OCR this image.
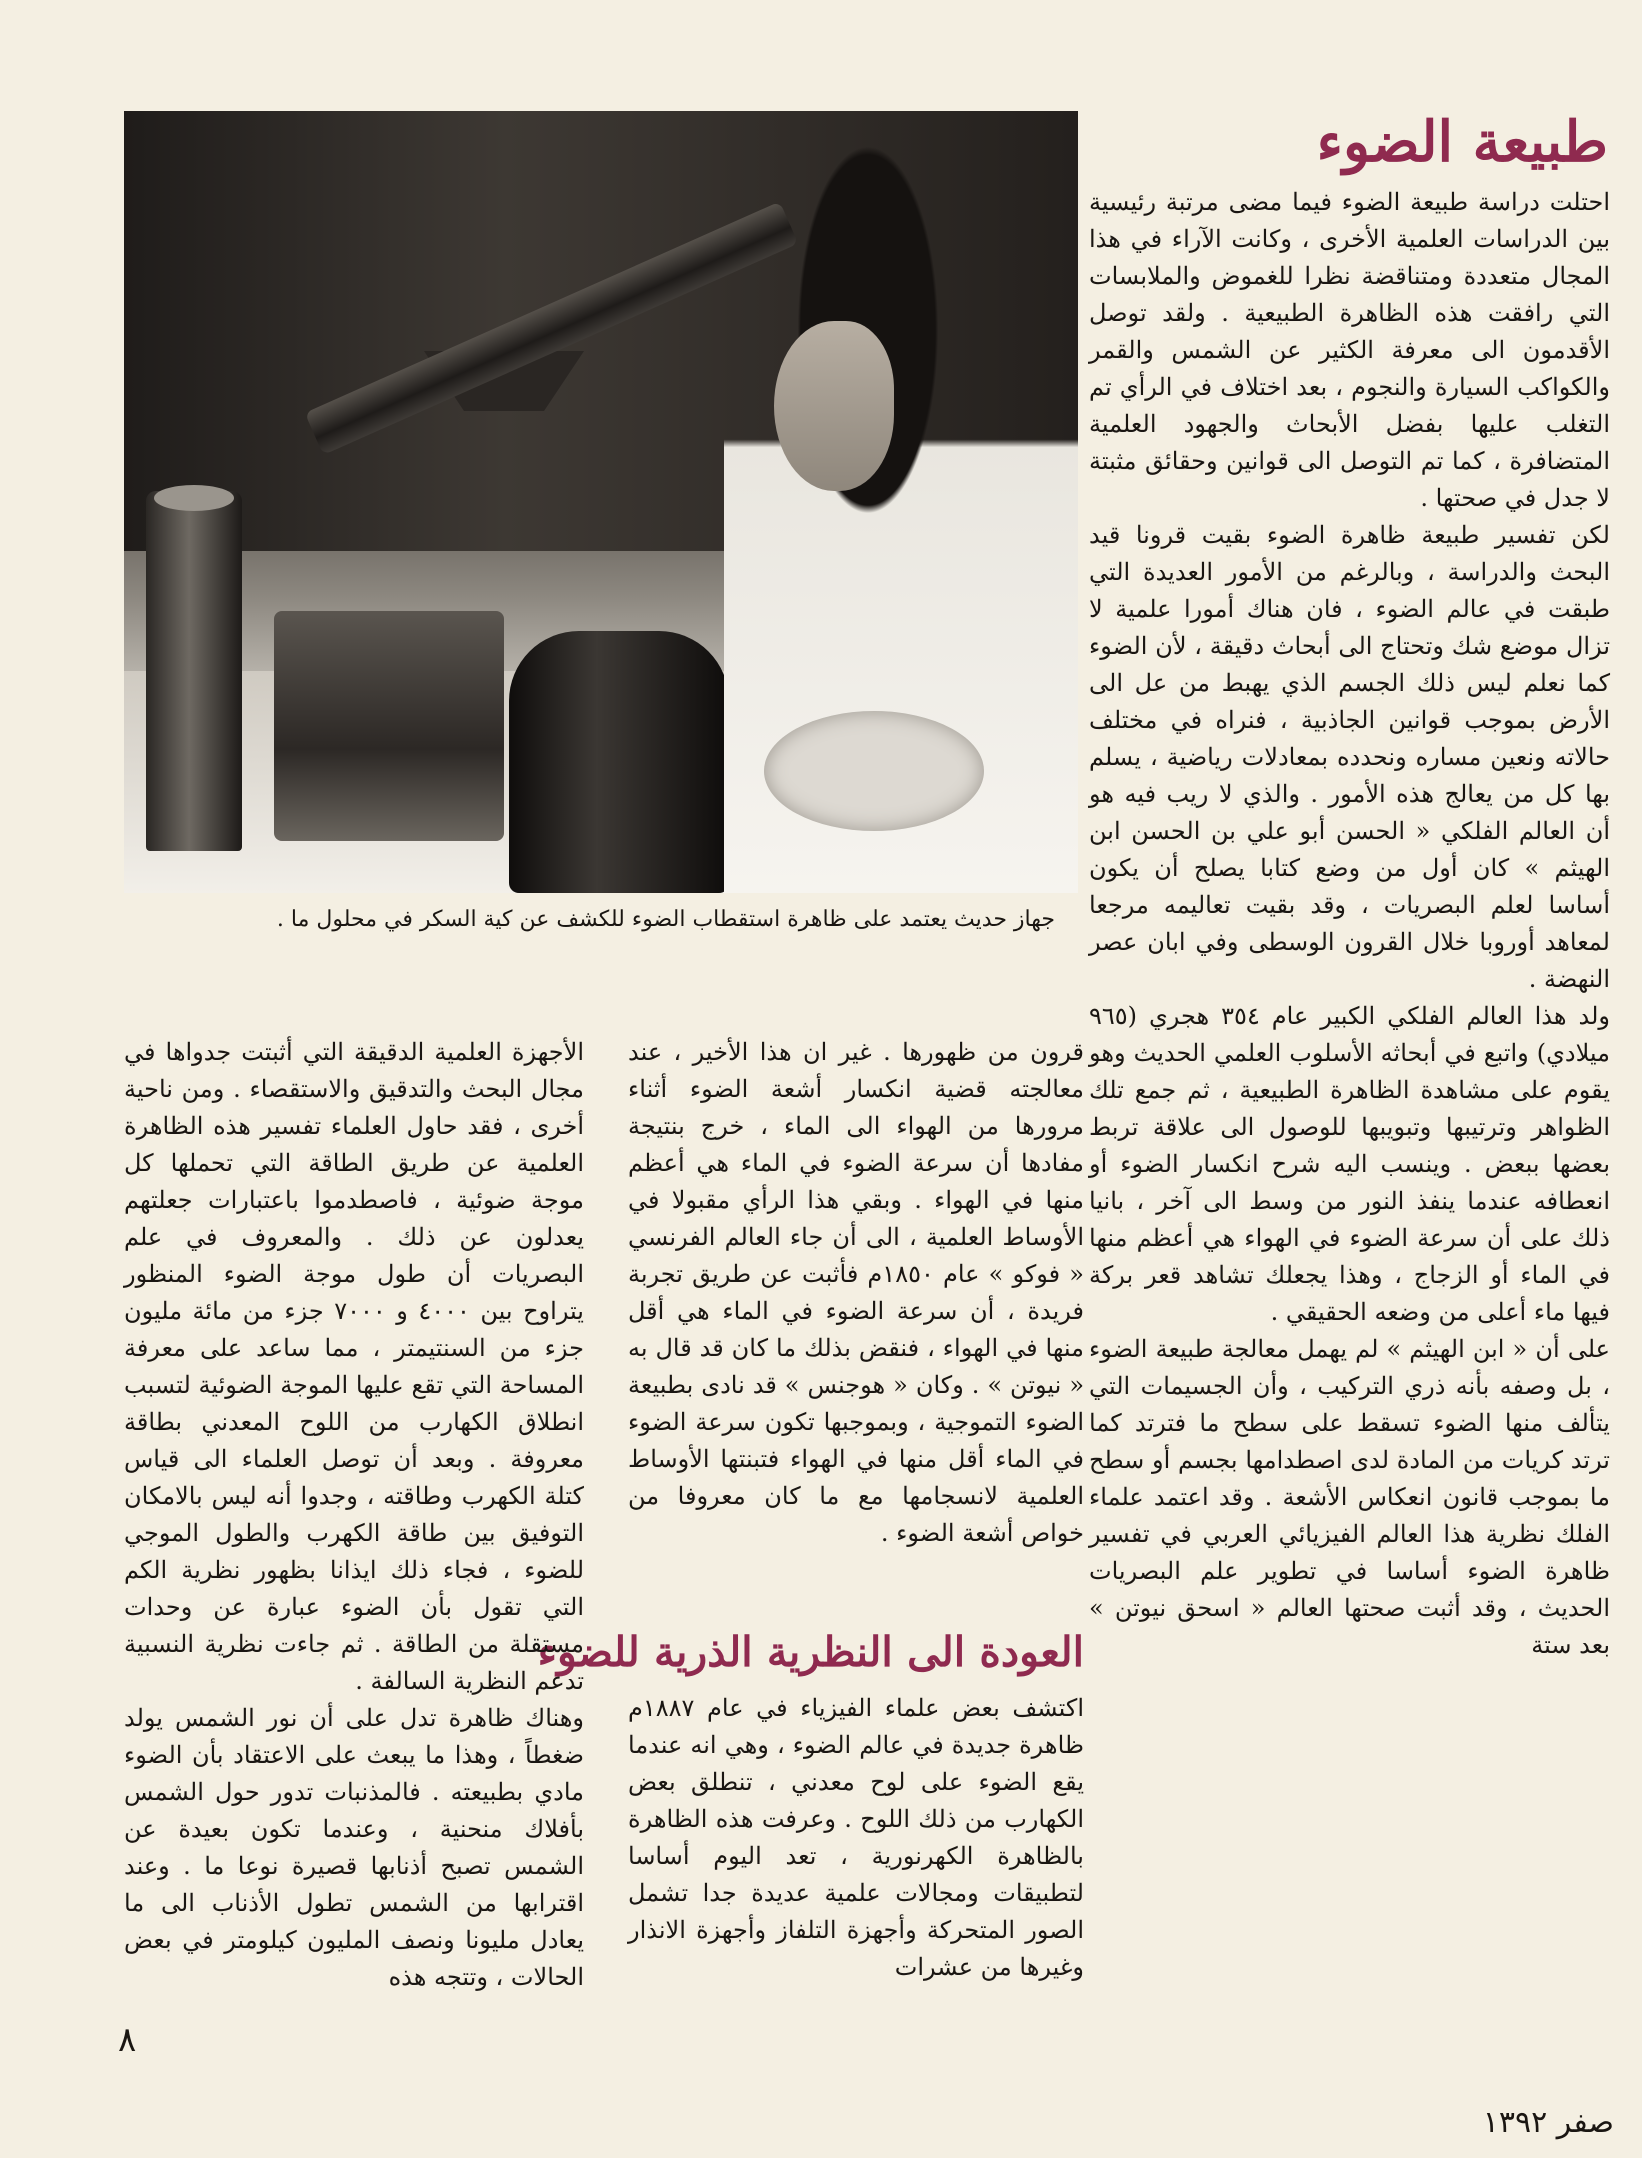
جهاز حديث يعتمد على ظاهرة استقطاب الضوء للكشف عن كية السكر في محلول ما .
طبيعة الضوء

احتلت دراسة طبيعة الضوء فيما مضى مرتبة رئيسية بين الدراسات العلمية الأخرى ، وكانت الآراء في هذا المجال متعددة ومتناقضة نظرا للغموض والملابسات التي رافقت هذه الظاهرة الطبيعية . ولقد توصل الأقدمون الى معرفة الكثير عن الشمس والقمر والكواكب السيارة والنجوم ، بعد اختلاف في الرأي تم التغلب عليها بفضل الأبحاث والجهود العلمية المتضافرة ، كما تم التوصل الى قوانين وحقائق مثبتة لا جدل في صحتها .

لكن تفسير طبيعة ظاهرة الضوء بقيت قرونا قيد البحث والدراسة ، وبالرغم من الأمور العديدة التي طبقت في عالم الضوء ، فان هناك أمورا علمية لا تزال موضع شك وتحتاج الى أبحاث دقيقة ، لأن الضوء كما نعلم ليس ذلك الجسم الذي يهبط من عل الى الأرض بموجب قوانين الجاذبية ، فنراه في مختلف حالاته ونعين مساره ونحدده بمعادلات رياضية ، يسلم بها كل من يعالج هذه الأمور . والذي لا ريب فيه هو أن العالم الفلكي « الحسن أبو علي بن الحسن ابن الهيثم » كان أول من وضع كتابا يصلح أن يكون أساسا لعلم البصريات ، وقد بقيت تعاليمه مرجعا لمعاهد أوروبا خلال القرون الوسطى وفي ابان عصر النهضة .

ولد هذا العالم الفلكي الكبير عام ٣٥٤ هجري (٩٦٥ ميلادي) واتبع في أبحاثه الأسلوب العلمي الحديث وهو يقوم على مشاهدة الظاهرة الطبيعية ، ثم جمع تلك الظواهر وترتيبها وتبويبها للوصول الى علاقة تربط بعضها ببعض . وينسب اليه شرح انكسار الضوء أو انعطافه عندما ينفذ النور من وسط الى آخر ، بانيا ذلك على أن سرعة الضوء في الهواء هي أعظم منها في الماء أو الزجاج ، وهذا يجعلك تشاهد قعر بركة فيها ماء أعلى من وضعه الحقيقي .

على أن « ابن الهيثم » لم يهمل معالجة طبيعة الضوء ، بل وصفه بأنه ذري التركيب ، وأن الجسيمات التي يتألف منها الضوء تسقط على سطح ما فترتد كما ترتد كريات من المادة لدى اصطدامها بجسم أو سطح ما بموجب قانون انعكاس الأشعة . وقد اعتمد علماء الفلك نظرية هذا العالم الفيزيائي العربي في تفسير ظاهرة الضوء أساسا في تطوير علم البصريات الحديث ، وقد أثبت صحتها العالم « اسحق نيوتن » بعد ستة

قرون من ظهورها . غير ان هذا الأخير ، عند معالجته قضية انكسار أشعة الضوء أثناء مرورها من الهواء الى الماء ، خرج بنتيجة مفادها أن سرعة الضوء في الماء هي أعظم منها في الهواء . وبقي هذا الرأي مقبولا في الأوساط العلمية ، الى أن جاء العالم الفرنسي « فوكو » عام ١٨٥٠م فأثبت عن طريق تجربة فريدة ، أن سرعة الضوء في الماء هي أقل منها في الهواء ، فنقض بذلك ما كان قد قال به « نيوتن » . وكان « هوجنس » قد نادى بطبيعة الضوء التموجية ، وبموجبها تكون سرعة الضوء في الماء أقل منها في الهواء فتبنتها الأوساط العلمية لانسجامها مع ما كان معروفا من خواص أشعة الضوء .

العودة الى النظرية الذرية للضوء

اكتشف بعض علماء الفيزياء في عام ١٨٨٧م ظاهرة جديدة في عالم الضوء ، وهي انه عندما يقع الضوء على لوح معدني ، تنطلق بعض الكهارب من ذلك اللوح . وعرفت هذه الظاهرة بالظاهرة الكهرنورية ، تعد اليوم أساسا لتطبيقات ومجالات علمية عديدة جدا تشمل الصور المتحركة وأجهزة التلفاز وأجهزة الانذار وغيرها من عشرات

الأجهزة العلمية الدقيقة التي أثبتت جدواها في مجال البحث والتدقيق والاستقصاء . ومن ناحية أخرى ، فقد حاول العلماء تفسير هذه الظاهرة العلمية عن طريق الطاقة التي تحملها كل موجة ضوئية ، فاصطدموا باعتبارات جعلتهم يعدلون عن ذلك . والمعروف في علم البصريات أن طول موجة الضوء المنظور يتراوح بين ٤٠٠٠ و ٧٠٠٠ جزء من مائة مليون جزء من السنتيمتر ، مما ساعد على معرفة المساحة التي تقع عليها الموجة الضوئية لتسبب انطلاق الكهارب من اللوح المعدني بطاقة معروفة . وبعد أن توصل العلماء الى قياس كتلة الكهرب وطاقته ، وجدوا أنه ليس بالامكان التوفيق بين طاقة الكهرب والطول الموجي للضوء ، فجاء ذلك ايذانا بظهور نظرية الكم التي تقول بأن الضوء عبارة عن وحدات مستقلة من الطاقة . ثم جاءت نظرية النسبية تدعم النظرية السالفة .

وهناك ظاهرة تدل على أن نور الشمس يولد ضغطاً ، وهذا ما يبعث على الاعتقاد بأن الضوء مادي بطبيعته . فالمذنبات تدور حول الشمس بأفلاك منحنية ، وعندما تكون بعيدة عن الشمس تصبح أذنابها قصيرة نوعا ما . وعند اقترابها من الشمس تطول الأذناب الى ما يعادل مليونا ونصف المليون كيلومتر في بعض الحالات ، وتتجه هذه

٨
صفر ١٣٩٢
